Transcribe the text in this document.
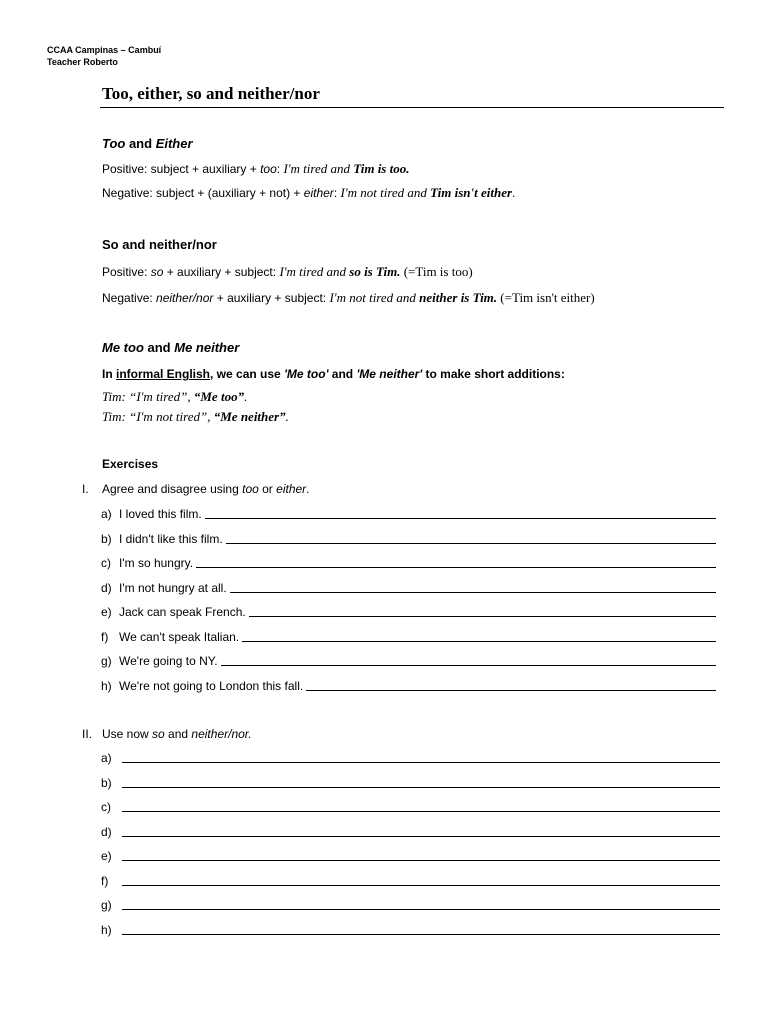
CCAA Campinas – Cambuí
Teacher Roberto
Too, either, so and neither/nor
Too and Either
Positive: subject + auxiliary + too: I'm tired and Tim is too.
Negative: subject + (auxiliary + not) + either: I'm not tired and Tim isn't either.
So and neither/nor
Positive: so + auxiliary + subject: I'm tired and so is Tim. (=Tim is too)
Negative: neither/nor + auxiliary + subject: I'm not tired and neither is Tim. (=Tim isn't either)
Me too and Me neither
In informal English, we can use 'Me too' and 'Me neither' to make short additions:
Tim: “I'm tired”, “Me too”.
Tim: “I'm not tired”, “Me neither”.
Exercises
I. Agree and disagree using too or either.
a) I loved this film.
b) I didn't like this film.
c) I'm so hungry.
d) I'm not hungry at all.
e) Jack can speak French.
f) We can't speak Italian.
g) We're going to NY.
h) We're not going to London this fall.
II. Use now so and neither/nor.
a)
b)
c)
d)
e)
f)
g)
h)
